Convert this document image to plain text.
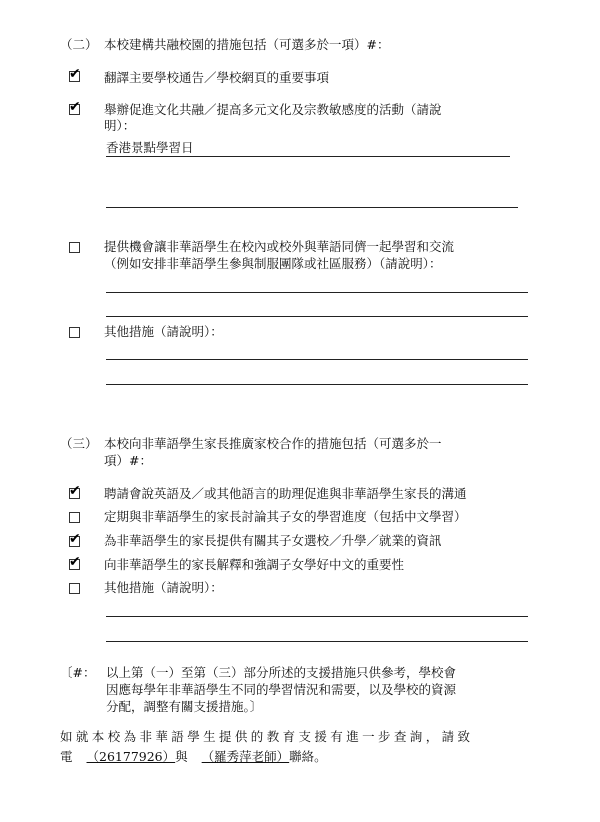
（二） 本校建構共融校園的措施包括（可選多於一項）#：
✔ 翻譯主要學校通告／學校網頁的重要事項
✔ 舉辦促進文化共融／提高多元文化及宗教敏感度的活動（請說
明）：
香港景點學習日
提供機會讓非華語學生在校內或校外與華語同儕一起學習和交流
（例如安排非華語學生參與制服團隊或社區服務）（請說明）：
其他措施（請說明）：
（三） 本校向非華語學生家長推廣家校合作的措施包括（可選多於一
項）#：
✔ 聘請會說英語及／或其他語言的助理促進與非華語學生家長的溝通
定期與非華語學生的家長討論其子女的學習進度（包括中文學習）
✔ 為非華語學生的家長提供有關其子女選校／升學／就業的資訊
✔ 向非華語學生的家長解釋和強調子女學好中文的重要性
其他措施（請說明）：
〔#： 以上第（一）至第（三）部分所述的支援措施只供參考，學校會
因應每學年非華語學生不同的學習情況和需要，以及學校的資源
分配，調整有關支援措施。〕
如就本校為非華語學生提供的教育支援有進一步查詢，請致
電 （26177926）與 （羅秀萍老師）聯絡。
